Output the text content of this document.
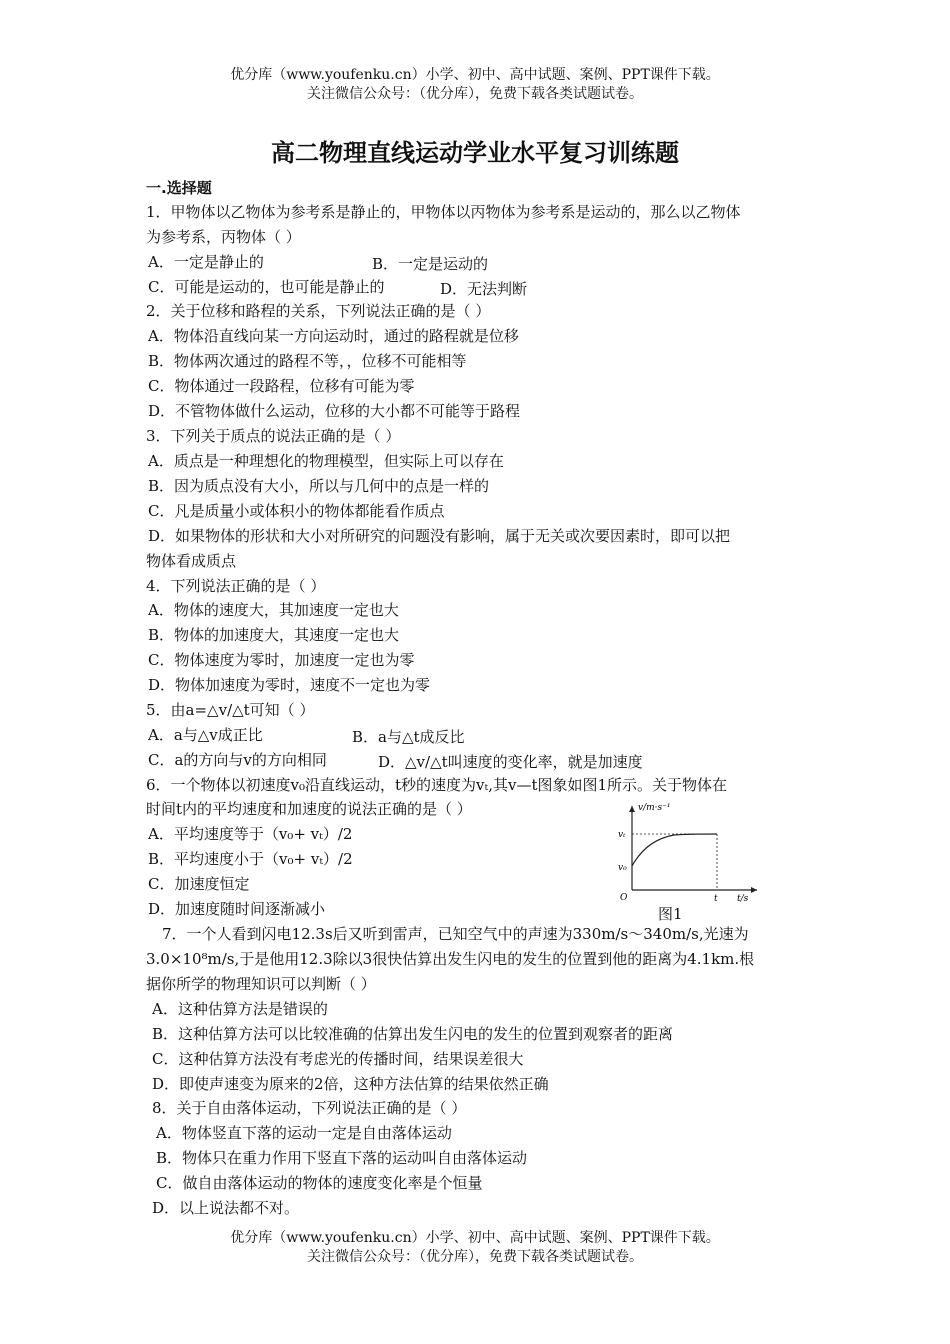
优分库（www.youfenku.cn）小学、初中、高中试题、案例、PPT课件下载。
关注微信公众号：（优分库），免费下载各类试题试卷。
高二物理直线运动学业水平复习训练题
一.选择题
1．甲物体以乙物体为参考系是静止的，甲物体以丙物体为参考系是运动的，那么以乙物体
为参考系，丙物体（ ）
A．一定是静止的	B．一定是运动的
C．可能是运动的，也可能是静止的	D．无法判断
2．关于位移和路程的关系，下列说法正确的是（ ）
A．物体沿直线向某一方向运动时，通过的路程就是位移
B．物体两次通过的路程不等，，位移不可能相等
C．物体通过一段路程，位移有可能为零
D．不管物体做什么运动，位移的大小都不可能等于路程
3．下列关于质点的说法正确的是（ ）
A．质点是一种理想化的物理模型，但实际上可以存在
B．因为质点没有大小，所以与几何中的点是一样的
C．凡是质量小或体积小的物体都能看作质点
D．如果物体的形状和大小对所研究的问题没有影响，属于无关或次要因素时，即可以把
物体看成质点
4．下列说法正确的是（ ）
A．物体的速度大，其加速度一定也大
B．物体的加速度大，其速度一定也大
C．物体速度为零时，加速度一定也为零
D．物体加速度为零时，速度不一定也为零
5．由a=△v/△t可知（ ）
A．a与△v成正比	B．a与△t成反比
C．a的方向与v的方向相同	D．△v/△t叫速度的变化率，就是加速度
6．一个物体以初速度v₀沿直线运动，t秒的速度为vₜ,其v—t图象如图1所示。关于物体在
时间t内的平均速度和加速度的说法正确的是（ ）
A．平均速度等于（v₀+ vₜ）/2
B．平均速度小于（v₀+ vₜ）/2
C．加速度恒定
D．加速度随时间逐渐减小
v/m·s⁻¹
vₜ
v₀
O	t t/s
图1
7．一个人看到闪电12.3s后又听到雷声，已知空气中的声速为330m/s～340m/s,光速为
3.0×10⁸m/s,于是他用12.3除以3很快估算出发生闪电的发生的位置到他的距离为4.1km.根
据你所学的物理知识可以判断（ ）
A．这种估算方法是错误的
B．这种估算方法可以比较准确的估算出发生闪电的发生的位置到观察者的距离
C．这种估算方法没有考虑光的传播时间，结果误差很大
D．即使声速变为原来的2倍，这种方法估算的结果依然正确
8．关于自由落体运动，下列说法正确的是（ ）
A．物体竖直下落的运动一定是自由落体运动
B．物体只在重力作用下竖直下落的运动叫自由落体运动
C．做自由落体运动的物体的速度变化率是个恒量
D．以上说法都不对。
优分库（www.youfenku.cn）小学、初中、高中试题、案例、PPT课件下载。
关注微信公众号：（优分库），免费下载各类试题试卷。
